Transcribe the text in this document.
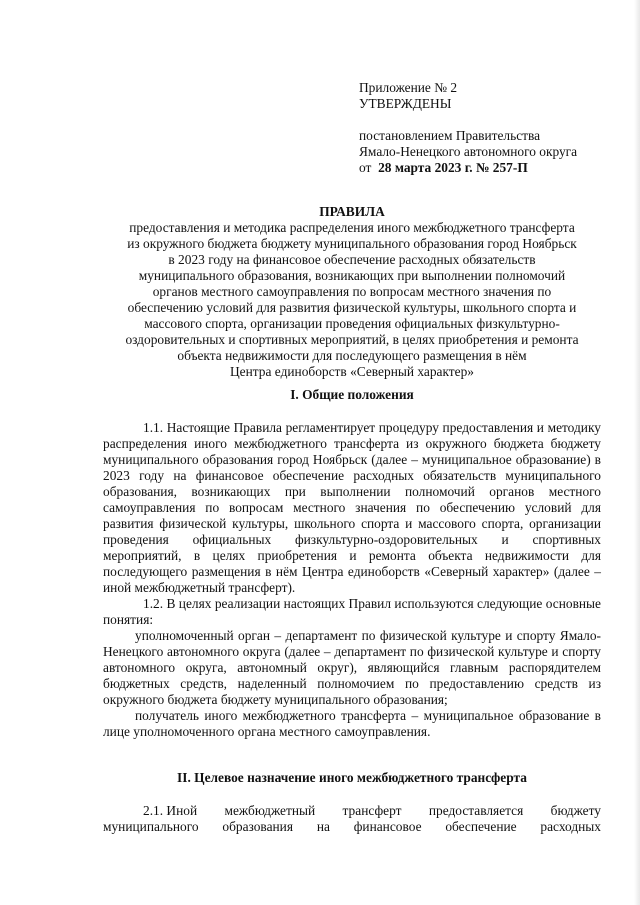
Приложение № 2
УТВЕРЖДЕНЫ
постановлением Правительства
Ямало-Ненецкого автономного округа
от 28 марта 2023 г. № 257-П
ПРАВИЛА
предоставления и методика распределения иного межбюджетного трансферта
из окружного бюджета бюджету муниципального образования город Ноябрьск
в 2023 году на финансовое обеспечение расходных обязательств
муниципального образования, возникающих при выполнении полномочий
органов местного самоуправления по вопросам местного значения по
обеспечению условий для развития физической культуры, школьного спорта и
массового спорта, организации проведения официальных физкультурно-
оздоровительных и спортивных мероприятий, в целях приобретения и ремонта
объекта недвижимости для последующего размещения в нём
Центра единоборств «Северный характер»
I. Общие положения

1.1. Настоящие Правила регламентирует процедуру предоставления и методику распределения иного межбюджетного трансферта из окружного бюджета бюджету муниципального образования город Ноябрьск (далее – муниципальное образование) в 2023 году на финансовое обеспечение расходных обязательств муниципального образования, возникающих при выполнении полномочий органов местного самоуправления по вопросам местного значения по обеспечению условий для развития физической культуры, школьного спорта и массового спорта, организации проведения официальных физкультурно-оздоровительных и спортивных мероприятий, в целях приобретения и ремонта объекта недвижимости для последующего размещения в нём Центра единоборств «Северный характер» (далее – иной межбюджетный трансферт).

1.2. В целях реализации настоящих Правил используются следующие основные понятия:

уполномоченный орган – департамент по физической культуре и спорту Ямало-Ненецкого автономного округа (далее – департамент по физической культуре и спорту автономного округа, автономный округ), являющийся главным распорядителем бюджетных средств, наделенный полномочием по предоставлению средств из окружного бюджета бюджету муниципального образования;

получатель иного межбюджетного трансферта – муниципальное образование в лице уполномоченного органа местного самоуправления.

II. Целевое назначение иного межбюджетного трансферта
2.1. Иной межбюджетный трансферт предоставляется бюджету
муниципального образования на финансовое обеспечение расходных
